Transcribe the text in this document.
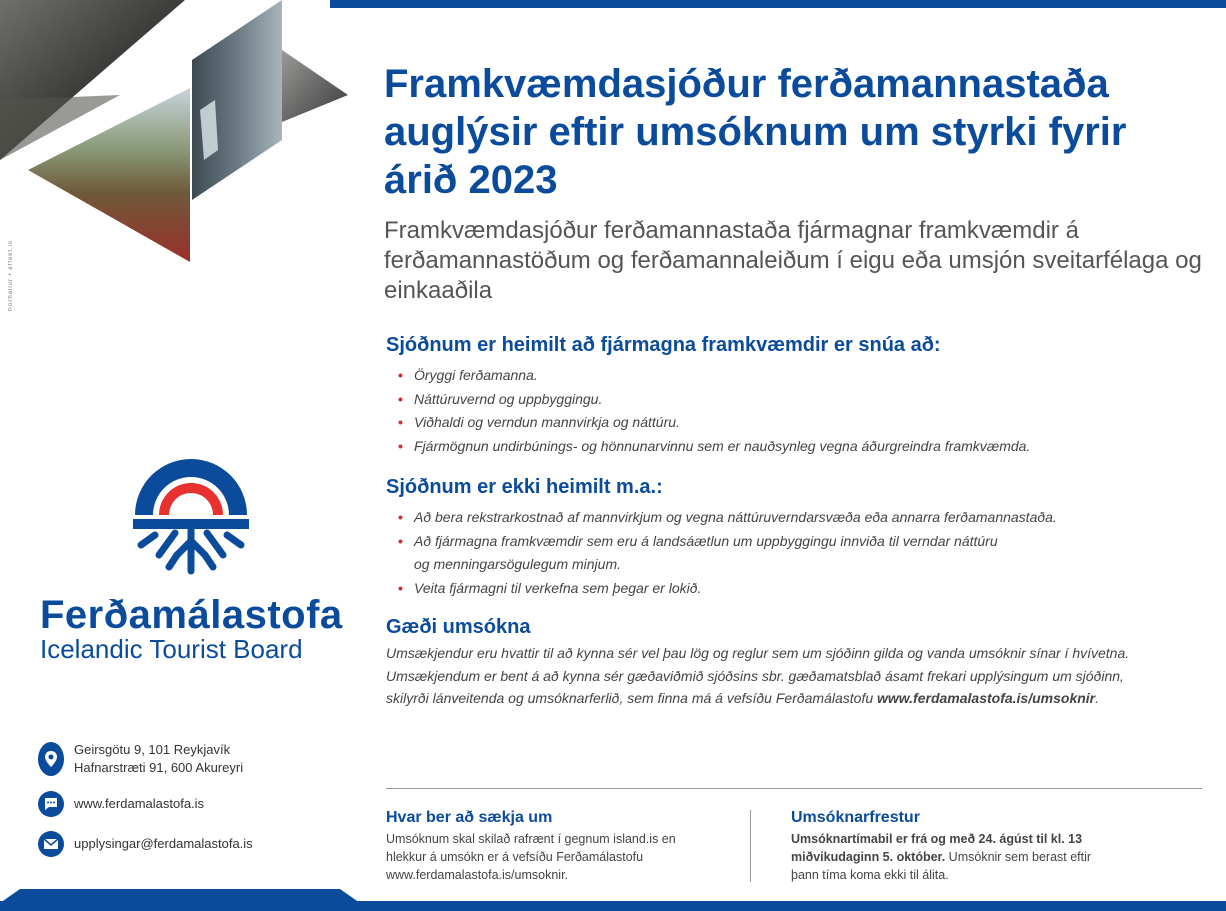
Þórhallur • effekt.is
Ferðamálastofa
Icelandic Tourist Board
Geirsgötu 9, 101 Reykjavík
Hafnarstræti 91, 600 Akureyri
www.ferdamalastofa.is
upplysingar@ferdamalastofa.is
Framkvæmdasjóður ferðamannastaða auglýsir eftir umsóknum um styrki fyrir árið 2023
Framkvæmdasjóður ferðamannastaða fjármagnar framkvæmdir á ferðamannastöðum og ferðamannaleiðum í eigu eða umsjón sveitarfélaga og einkaaðila
Sjóðnum er heimilt að fjármagna framkvæmdir er snúa að:
• Öryggi ferðamanna.
• Náttúruvernd og uppbyggingu.
• Viðhaldi og verndun mannvirkja og náttúru.
• Fjármögnun undirbúnings- og hönnunarvinnu sem er nauðsynleg vegna áðurgreindra framkvæmda.
Sjóðnum er ekki heimilt m.a.:
• Að bera rekstrarkostnað af mannvirkjum og vegna náttúruverndarsvæða eða annarra ferðamannastaða.
• Að fjármagna framkvæmdir sem eru á landsáætlun um uppbyggingu innviða til verndar náttúru
og menningarsögulegum minjum.
• Veita fjármagni til verkefna sem þegar er lokið.
Gæði umsókna
Umsækjendur eru hvattir til að kynna sér vel þau lög og reglur sem um sjóðinn gilda og vanda umsóknir sínar í hvívetna.
Umsækjendum er bent á að kynna sér gæðaviðmið sjóðsins sbr. gæðamatsblað ásamt frekari upplýsingum um sjóðinn,
skilyrði lánveitenda og umsóknarferlið, sem finna má á vefsíðu Ferðamálastofu www.ferdamalastofa.is/umsoknir.
Hvar ber að sækja um
Umsóknum skal skilað rafrænt í gegnum island.is en
hlekkur á umsókn er á vefsíðu Ferðamálastofu
www.ferdamalastofa.is/umsoknir.
Umsóknarfrestur
Umsóknartímabil er frá og með 24. ágúst til kl. 13
miðvikudaginn 5. október. Umsóknir sem berast eftir
þann tíma koma ekki til álita.
